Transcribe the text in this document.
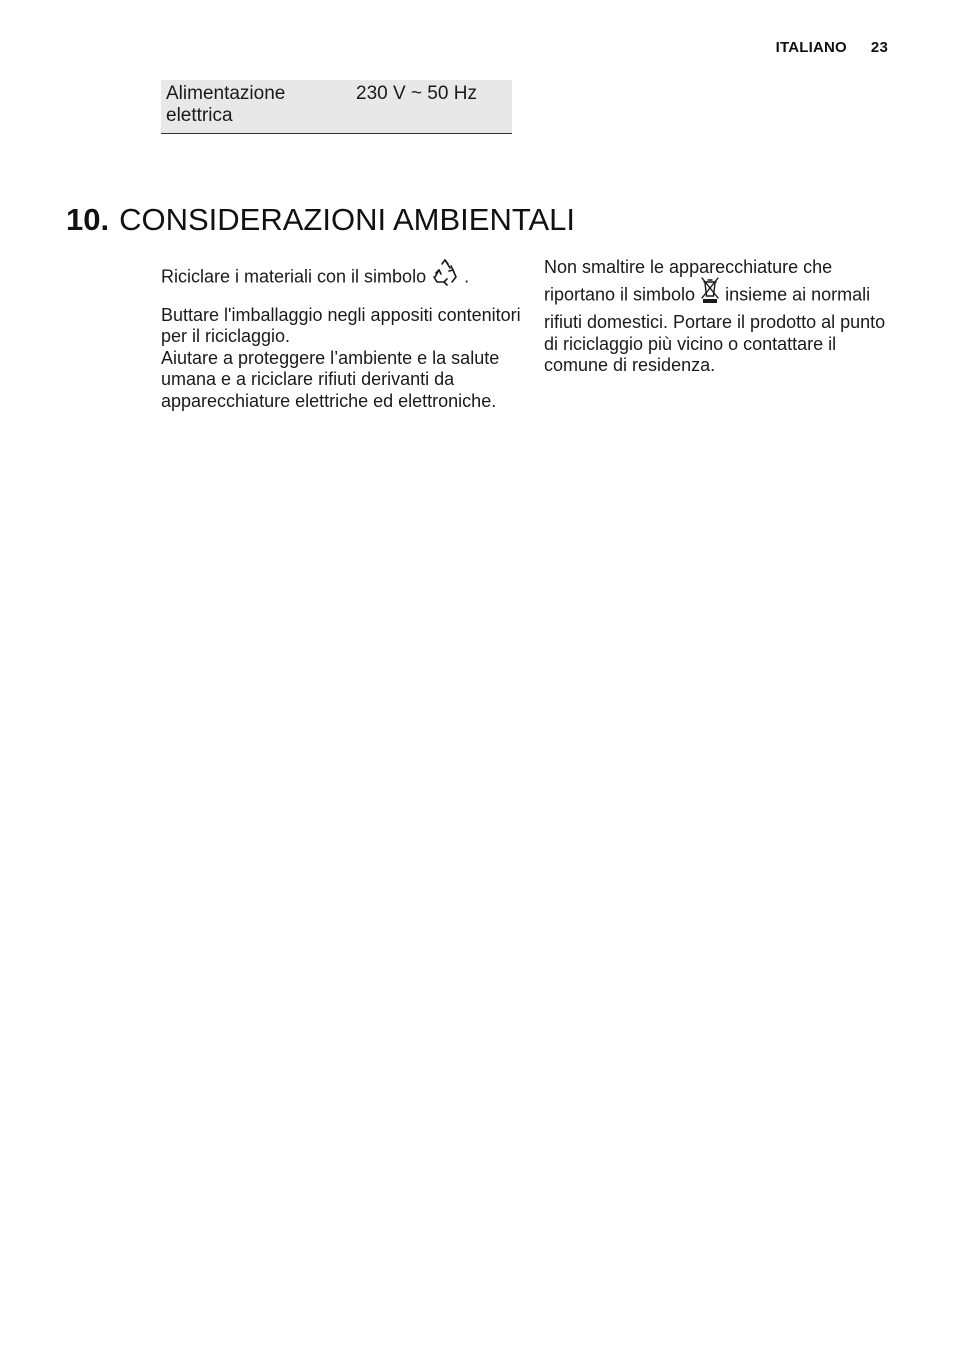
ITALIANO 23
Alimentazione elettrica
230 V ~ 50 Hz
10. CONSIDERAZIONI AMBIENTALI

Riciclare i materiali con il simbolo .

Buttare l'imballaggio negli appositi contenitori per il riciclaggio.

Aiutare a proteggere l’ambiente e la salute umana e a riciclare rifiuti derivanti da apparecchiature elettriche ed elettroniche.

Non smaltire le apparecchiature che riportano il simbolo insieme ai normali rifiuti domestici. Portare il prodotto al punto di riciclaggio più vicino o contattare il comune di residenza.
